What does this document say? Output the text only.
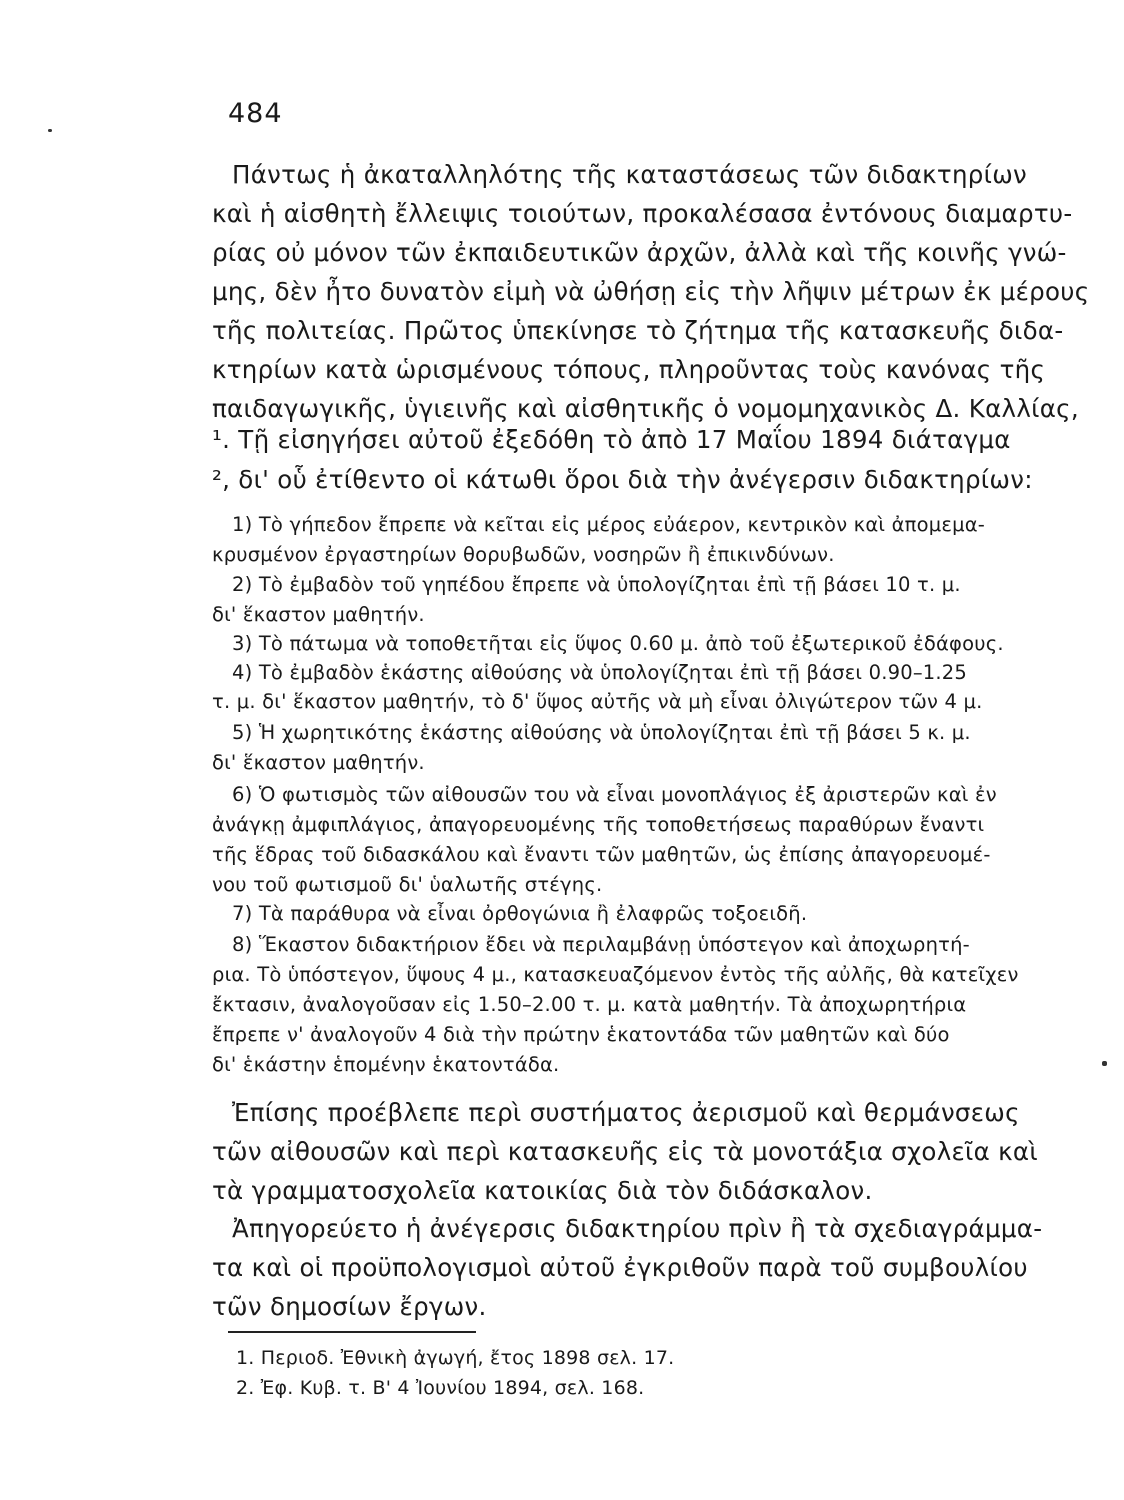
484
Πάντως ἡ ἀκαταλληλότης τῆς καταστάσεως τῶν διδακτηρίων
καὶ ἡ αἰσθητὴ ἔλλειψις τοιούτων, προκαλέσασα ἐντόνους διαμαρτυ-
ρίας οὐ μόνον τῶν ἐκπαιδευτικῶν ἀρχῶν, ἀλλὰ καὶ τῆς κοινῆς γνώ-
μης, δὲν ἦτο δυνατὸν εἰμὴ νὰ ὠθήσῃ εἰς τὴν λῆψιν μέτρων ἐκ μέρους
τῆς πολιτείας. Πρῶτος ὑπεκίνησε τὸ ζήτημα τῆς κατασκευῆς διδα-
κτηρίων κατὰ ὡρισμένους τόπους, πληροῦντας τοὺς κανόνας τῆς
παιδαγωγικῆς, ὑγιεινῆς καὶ αἰσθητικῆς ὁ νομομηχανικὸς Δ. Καλλίας,
¹. Τῇ εἰσηγήσει αὐτοῦ ἐξεδόθη τὸ ἀπὸ 17 Μαΐου 1894 διάταγμα
², δι' οὗ ἐτίθεντο οἱ κάτωθι ὅροι διὰ τὴν ἀνέγερσιν διδακτηρίων:
1) Τὸ γήπεδον ἔπρεπε νὰ κεῖται εἰς μέρος εὐάερον, κεντρικὸν καὶ ἀπομεμα-
κρυσμένον ἐργαστηρίων θορυβωδῶν, νοσηρῶν ἢ ἐπικινδύνων.
2) Τὸ ἐμβαδὸν τοῦ γηπέδου ἔπρεπε νὰ ὑπολογίζηται ἐπὶ τῇ βάσει 10 τ. μ.
δι' ἕκαστον μαθητήν.
3) Τὸ πάτωμα νὰ τοποθετῆται εἰς ὕψος 0.60 μ. ἀπὸ τοῦ ἐξωτερικοῦ ἐδάφους.
4) Τὸ ἐμβαδὸν ἑκάστης αἰθούσης νὰ ὑπολογίζηται ἐπὶ τῇ βάσει 0.90–1.25
τ. μ. δι' ἕκαστον μαθητήν, τὸ δ' ὕψος αὐτῆς νὰ μὴ εἶναι ὀλιγώτερον τῶν 4 μ.
5) Ἡ χωρητικότης ἑκάστης αἰθούσης νὰ ὑπολογίζηται ἐπὶ τῇ βάσει 5 κ. μ.
δι' ἕκαστον μαθητήν.
6) Ὁ φωτισμὸς τῶν αἰθουσῶν του νὰ εἶναι μονοπλάγιος ἐξ ἀριστερῶν καὶ ἐν
ἀνάγκῃ ἀμφιπλάγιος, ἀπαγορευομένης τῆς τοποθετήσεως παραθύρων ἔναντι
τῆς ἕδρας τοῦ διδασκάλου καὶ ἔναντι τῶν μαθητῶν, ὡς ἐπίσης ἀπαγορευομέ-
νου τοῦ φωτισμοῦ δι' ὑαλωτῆς στέγης.
7) Τὰ παράθυρα νὰ εἶναι ὀρθογώνια ἢ ἐλαφρῶς τοξοειδῆ.
8) Ἕκαστον διδακτήριον ἔδει νὰ περιλαμβάνῃ ὑπόστεγον καὶ ἀποχωρητή-
ρια. Τὸ ὑπόστεγον, ὕψους 4 μ., κατασκευαζόμενον ἐντὸς τῆς αὐλῆς, θὰ κατεῖχεν
ἔκτασιν, ἀναλογοῦσαν εἰς 1.50–2.00 τ. μ. κατὰ μαθητήν. Τὰ ἀποχωρητήρια
ἔπρεπε ν' ἀναλογοῦν 4 διὰ τὴν πρώτην ἑκατοντάδα τῶν μαθητῶν καὶ δύο
δι' ἑκάστην ἑπομένην ἑκατοντάδα.
Ἐπίσης προέβλεπε περὶ συστήματος ἀερισμοῦ καὶ θερμάνσεως
τῶν αἰθουσῶν καὶ περὶ κατασκευῆς εἰς τὰ μονοτάξια σχολεῖα καὶ
τὰ γραμματοσχολεῖα κατοικίας διὰ τὸν διδάσκαλον.
Ἀπηγορεύετο ἡ ἀνέγερσις διδακτηρίου πρὶν ἢ τὰ σχεδιαγράμμα-
τα καὶ οἱ προϋπολογισμοὶ αὐτοῦ ἐγκριθοῦν παρὰ τοῦ συμβουλίου
τῶν δημοσίων ἔργων.
1. Περιοδ. Ἐθνικὴ ἀγωγή, ἔτος 1898 σελ. 17.
2. Ἐφ. Κυβ. τ. Β' 4 Ἰουνίου 1894, σελ. 168.
